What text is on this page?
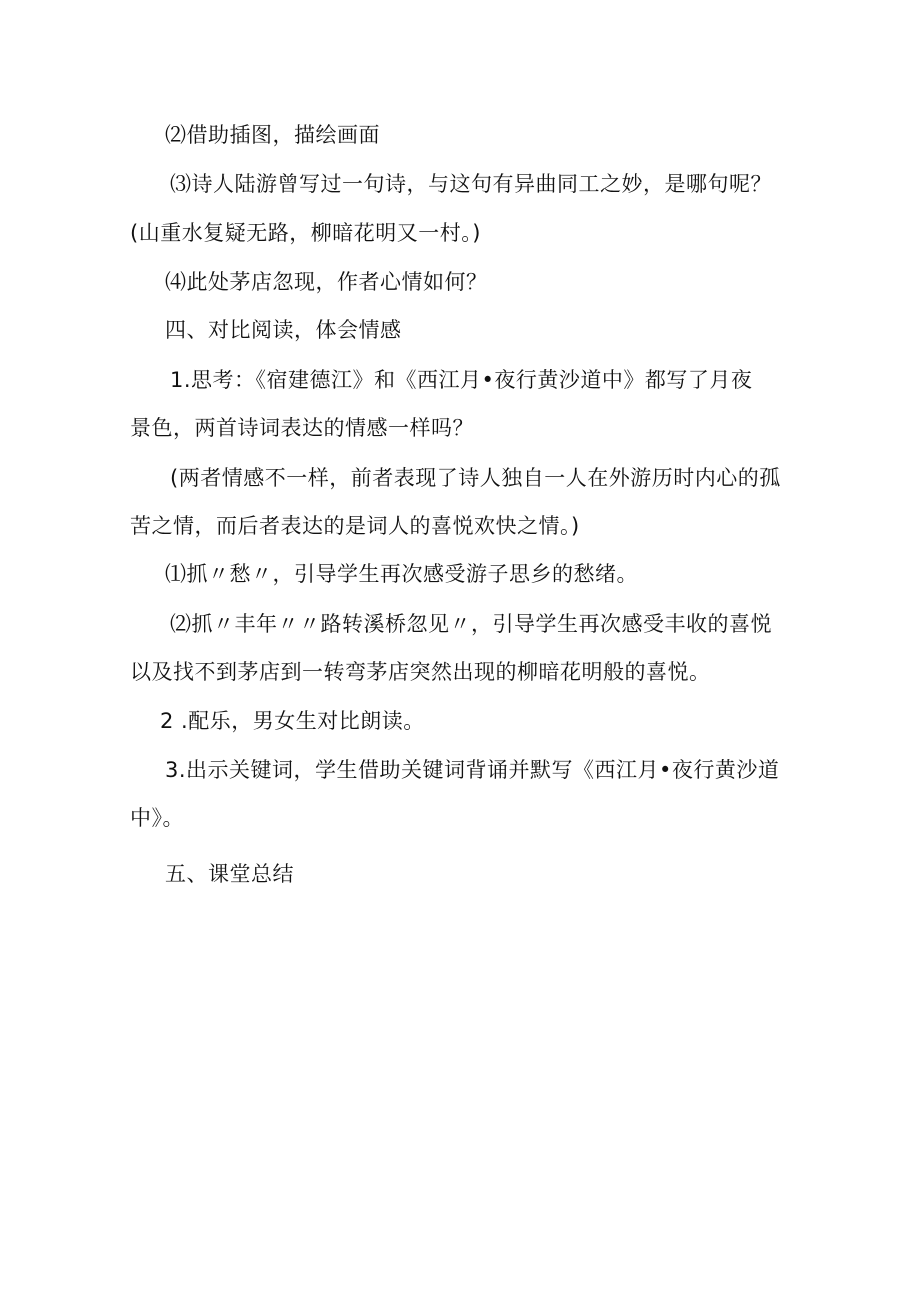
⑵借助插图，描绘画面
⑶诗人陆游曾写过一句诗，与这句有异曲同工之妙，是哪句呢？
(山重水复疑无路，柳暗花明又一村。)
⑷此处茅店忽现，作者心情如何？
四、对比阅读，体会情感
1.思考：《宿建德江》和《西江月•夜行黄沙道中》都写了月夜
景色，两首诗词表达的情感一样吗？
(两者情感不一样，前者表现了诗人独自一人在外游历时内心的孤
苦之情，而后者表达的是词人的喜悦欢快之情。)
⑴抓〃愁〃，引导学生再次感受游子思乡的愁绪。
⑵抓〃丰年〃〃路转溪桥忽见〃，引导学生再次感受丰收的喜悦
以及找不到茅店到一转弯茅店突然出现的柳暗花明般的喜悦。
2 .配乐，男女生对比朗读。
3.出示关键词，学生借助关键词背诵并默写《西江月•夜行黄沙道
中》。
五、课堂总结
